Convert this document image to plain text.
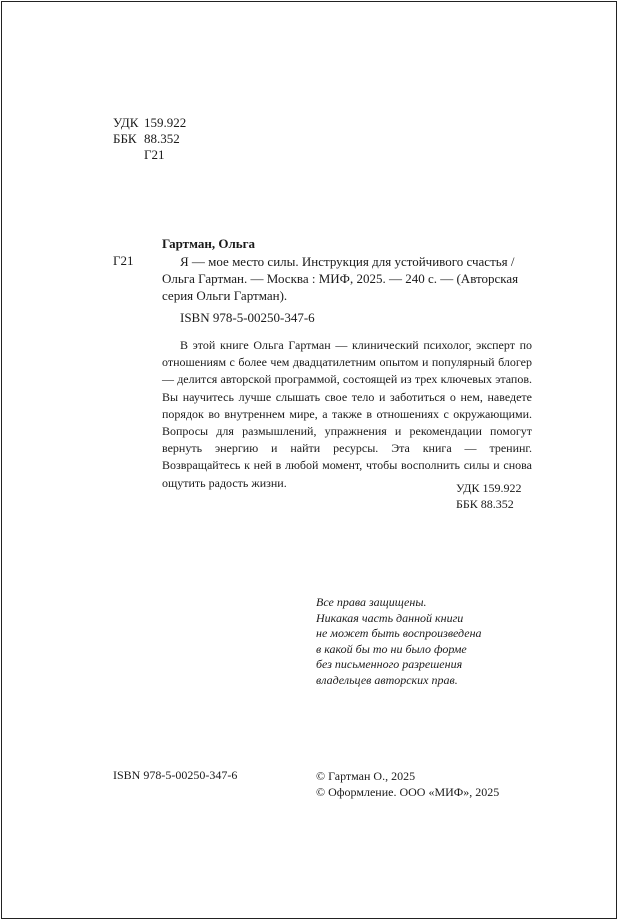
УДК 159.922
ББК 88.352
Г21
Гартман, Ольга
Г21	Я — мое место силы. Инструкция для устойчивого счастья /
Ольга Гартман. — Москва : МИФ, 2025. — 240 с. — (Авторская
серия Ольги Гартман).
ISBN 978-5-00250-347-6

В этой книге Ольга Гартман — клинический психолог, эксперт по отношениям с более чем двадцатилетним опытом и популярный блогер — делится авторской программой, состоящей из трех ключевых этапов. Вы научитесь лучше слышать свое тело и заботиться о нем, наведете порядок во внутреннем мире, а также в отношениях с окружающими. Вопросы для размышлений, упражнения и рекомендации помогут вернуть энергию и найти ресурсы. Эта книга — тренинг. Возвращайтесь к ней в любой момент, чтобы восполнить силы и снова ощутить радость жизни.	УДК 159.922
ББК 88.352
Все права защищены.
Никакая часть данной книги
не может быть воспроизведена
в какой бы то ни было форме
без письменного разрешения
владельцев авторских прав.
ISBN 978-5-00250-347-6	© Гартман О., 2025
© Оформление. ООО «МИФ», 2025
